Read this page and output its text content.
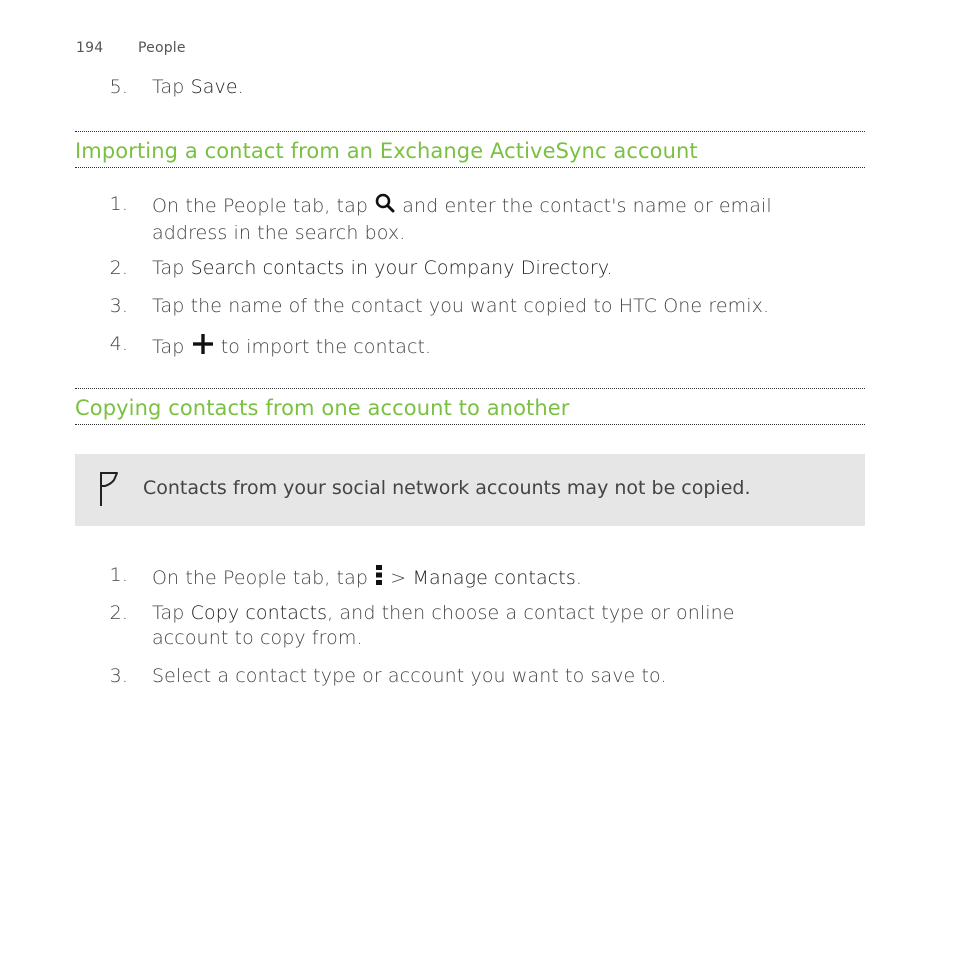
194 People
5. Tap Save.
Importing a contact from an Exchange ActiveSync account
1. On the People tab, tap and enter the contact's name or email
address in the search box.
2. Tap Search contacts in your Company Directory.
3. Tap the name of the contact you want copied to HTC One remix.
4. Tap to import the contact.
Copying contacts from one account to another
Contacts from your social network accounts may not be copied.
1. On the People tab, tap  > Manage contacts.
2. Tap Copy contacts, and then choose a contact type or online
account to copy from.
3. Select a contact type or account you want to save to.
